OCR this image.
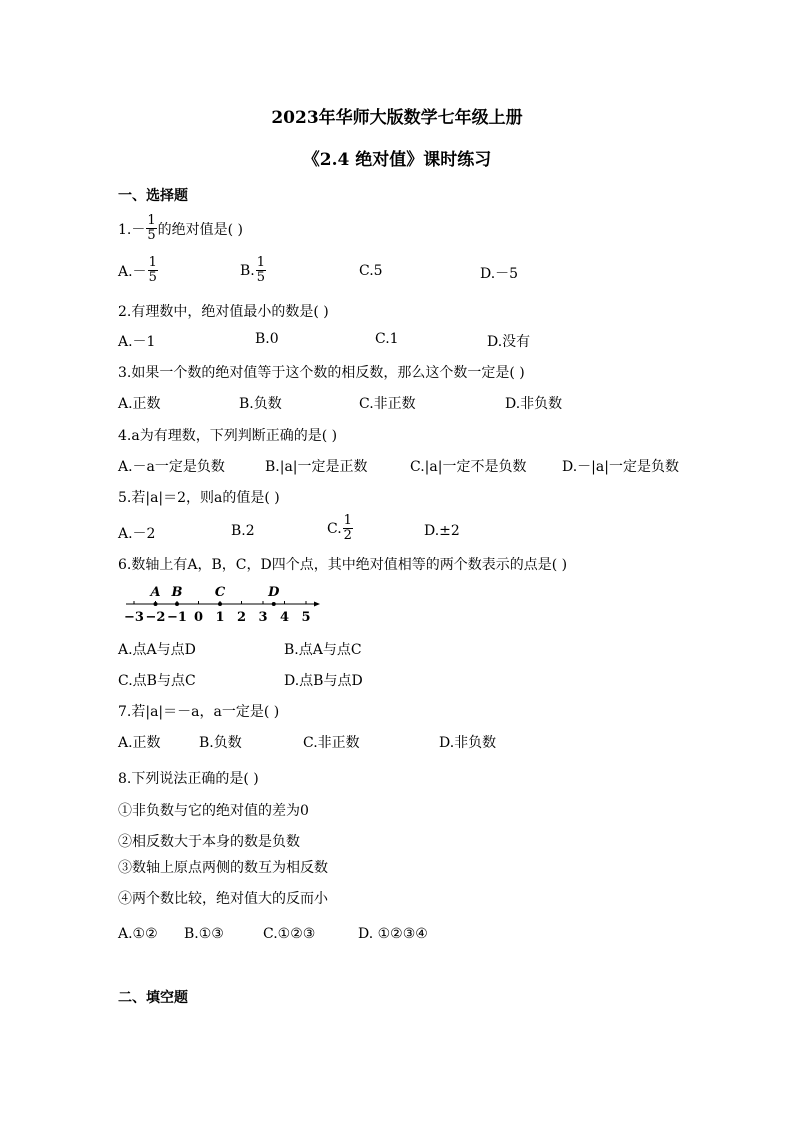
2023年华师大版数学七年级上册
《2.4 绝对值》课时练习
一、选择题
$1.- \frac{1}{5}$ 的绝对值是( )
$A.- \frac{1}{5}$	B. $\frac{1}{5}$	C.5	D.－5
2.有理数中，绝对值最小的数是( )
A.－1	B.0	C.1	D.没有
3.如果一个数的绝对值等于这个数的相反数，那么这个数一定是( )
A.正数	B.负数	C.非正数	D.非负数
4.a为有理数，下列判断正确的是( )
A.－a一定是负数	B.|a|一定是正数	C.|a|一定不是负数	D.－|a|一定是负数
5.若|a|＝2，则a的值是( )
A.－2	B.2	C. $\frac{1}{2}$	D.±2
6.数轴上有A，B，C，D四个点，其中绝对值相等的两个数表示的点是( )
−3 −2 −1 0 1 2 3 4 5
A B C	D
A.点A与点D	B.点A与点C
C.点B与点C	D.点B与点D
7.若|a|＝－a，a一定是( )
A.正数	B.负数	C.非正数	D.非负数
8.下列说法正确的是( )
①非负数与它的绝对值的差为0
②相反数大于本身的数是负数
③数轴上原点两侧的数互为相反数
④两个数比较，绝对值大的反而小
A.①② B.①③	C.①②③	D. ①②③④
二、填空题
